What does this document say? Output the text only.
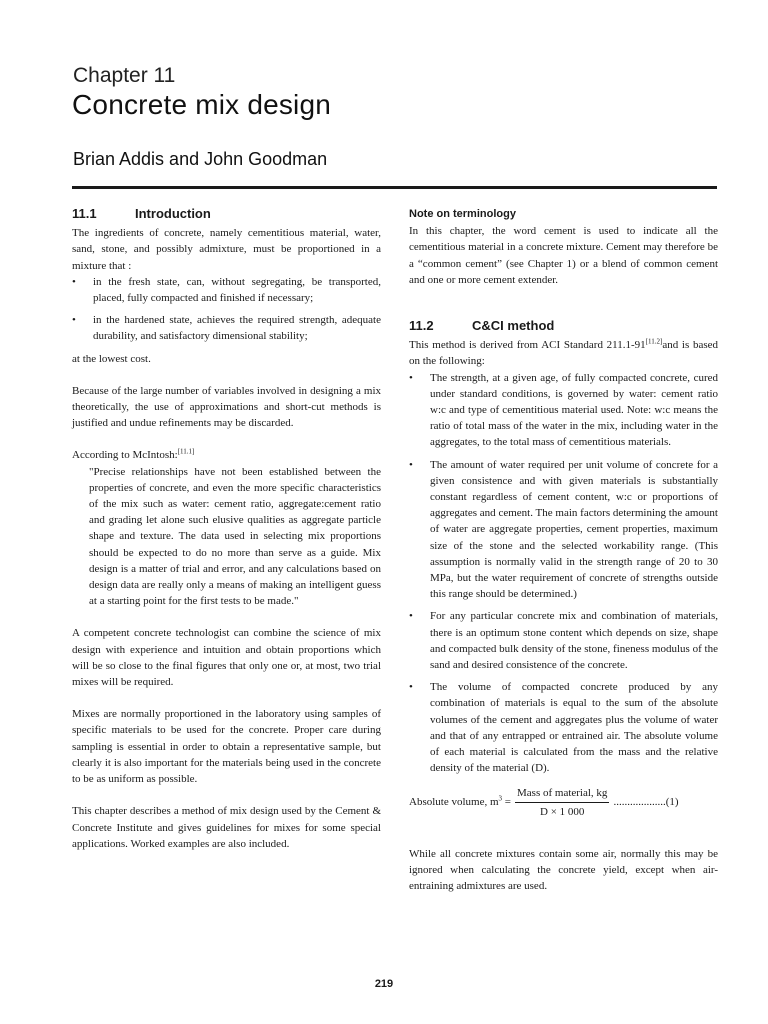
Chapter 11
Concrete mix design
Brian Addis and John Goodman
11.1	Introduction

The ingredients of concrete, namely cementitious material, water, sand, stone, and possibly admixture, must be proportioned in a mixture that :

• in the fresh state, can, without segregating, be transported, placed, fully compacted and finished if necessary;
• in the hardened state, achieves the required strength, adequate durability, and satisfactory dimensional stability;

at the lowest cost.

Because of the large number of variables involved in designing a mix theoretically, the use of approximations and short-cut methods is justified and undue refinements may be discarded.

According to McIntosh:[11.1]

"Precise relationships have not been established between the properties of concrete, and even the more specific characteristics of the mix such as water: cement ratio, aggregate:cement ratio and grading let alone such elusive qualities as aggregate particle shape and texture. The data used in selecting mix proportions should be expected to do no more than serve as a guide. Mix design is a matter of trial and error, and any calculations based on design data are really only a means of making an intelligent guess at a starting point for the first tests to be made."

A competent concrete technologist can combine the science of mix design with experience and intuition and obtain proportions which will be so close to the final figures that only one or, at most, two trial mixes will be required.

Mixes are normally proportioned in the laboratory using samples of specific materials to be used for the concrete. Proper care during sampling is essential in order to obtain a representative sample, but clearly it is also important for the materials being used in the concrete to be as uniform as possible.

This chapter describes a method of mix design used by the Cement & Concrete Institute and gives guidelines for mixes for some special applications. Worked examples are also included.

Note on terminology

In this chapter, the word cement is used to indicate all the cementitious material in a concrete mixture. Cement may therefore be a “common cement” (see Chapter 1) or a blend of common cement and one or more cement extender.

11.2	C&CI method

This method is derived from ACI Standard 211.1-91[11.2]and is based on the following:

• The strength, at a given age, of fully compacted concrete, cured under standard conditions, is governed by water: cement ratio w:c and type of cementitious material used. Note: w:c means the ratio of total mass of the water in the mix, including water in the aggregates, to the total mass of cementitious materials.
• The amount of water required per unit volume of concrete for a given consistence and with given materials is substantially constant regardless of cement content, w:c or proportions of aggregates and cement. The main factors determining the amount of water are aggregate properties, cement properties, maximum size of the stone and the selected workability range. (This assumption is normally valid in the strength range of 20 to 30 MPa, but the water requirement of concrete of strengths outside this range should be determined.)
• For any particular concrete mix and combination of materials, there is an optimum stone content which depends on size, shape and compacted bulk density of the stone, fineness modulus of the sand and desired consistence of the concrete.
• The volume of compacted concrete produced by any combination of materials is equal to the sum of the absolute volumes of the cement and aggregates plus the volume of water and that of any entrapped or entrained air. The absolute volume of each material is calculated from the mass and the relative density of the material (D).
Absolute volume, $m^3 = \frac{\text{Mass of material, kg}}{D \times 1 000}$ ................... (1)

While all concrete mixtures contain some air, normally this may be ignored when calculating the concrete yield, except when air-entraining admixtures are used.

219
